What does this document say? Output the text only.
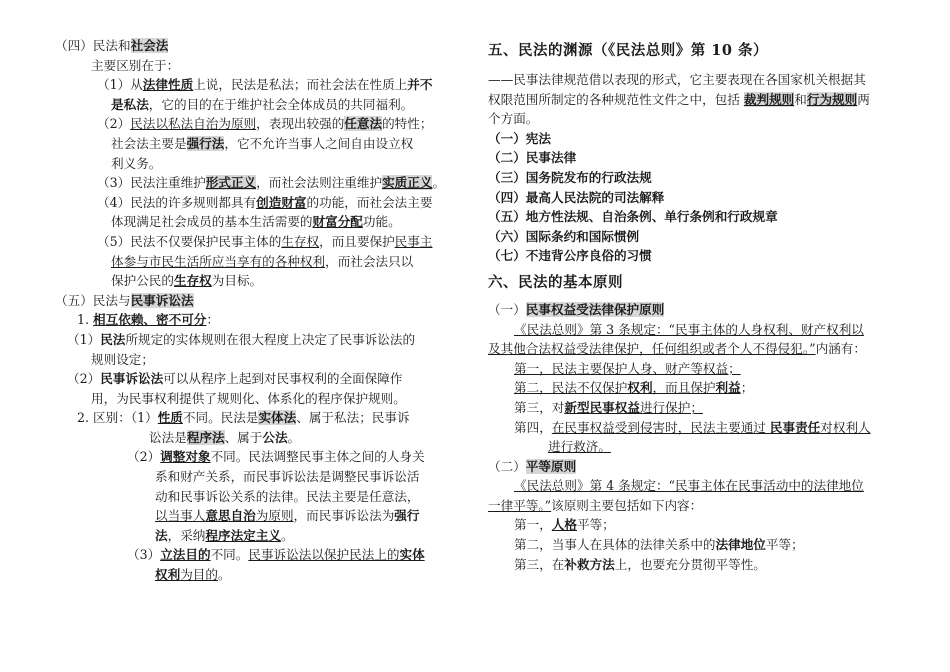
（四）民法和社会法
主要区别在于：
（1）从法律性质上说，民法是私法；而社会法在性质上并不
是私法，它的目的在于维护社会全体成员的共同福利。
（2）民法以私法自治为原则，表现出较强的任意法的特性；
社会法主要是强行法，它不允许当事人之间自由设立权
利义务。
（3）民法注重维护形式正义，而社会法则注重维护实质正义。
（4）民法的许多规则都具有创造财富的功能，而社会法主要
体现满足社会成员的基本生活需要的财富分配功能。
（5）民法不仅要保护民事主体的生存权，而且要保护民事主
体参与市民生活所应当享有的各种权利，而社会法只以
保护公民的生存权为目标。
（五）民法与民事诉讼法
1. 相互依赖、密不可分：
（1）民法所规定的实体规则在很大程度上决定了民事诉讼法的
规则设定；
（2）民事诉讼法可以从程序上起到对民事权利的全面保障作
用，为民事权利提供了规则化、体系化的程序保护规则。
2. 区别：（1）性质不同。民法是实体法、属于私法；民事诉
讼法是程序法、属于公法。
（2）调整对象不同。民法调整民事主体之间的人身关
系和财产关系，而民事诉讼法是调整民事诉讼活
动和民事诉讼关系的法律。民法主要是任意法，
以当事人意思自治为原则，而民事诉讼法为强行
法，采纳程序法定主义。
（3）立法目的不同。民事诉讼法以保护民法上的实体
权利为目的。
五、民法的渊源（《民法总则》第 10 条）
——民事法律规范借以表现的形式，它主要表现在各国家机关根据其
权限范围所制定的各种规范性文件之中，包括 裁判规则和行为规则两
个方面。
（一）宪法
（二）民事法律
（三）国务院发布的行政法规
（四）最高人民法院的司法解释
（五）地方性法规、自治条例、单行条例和行政规章
（六）国际条约和国际惯例
（七）不违背公序良俗的习惯
六、民法的基本原则
（一）民事权益受法律保护原则
《民法总则》第 3 条规定：“民事主体的人身权利、财产权利以
及其他合法权益受法律保护，任何组织或者个人不得侵犯。”内涵有：
第一，民法主要保护人身、财产等权益；
第二，民法不仅保护权利，而且保护利益；
第三，对新型民事权益进行保护；
第四，在民事权益受到侵害时，民法主要通过 民事责任对权利人
进行救济。
（二）平等原则
《民法总则》第 4 条规定：“民事主体在民事活动中的法律地位
一律平等。”该原则主要包括如下内容：
第一，人格平等；
第二，当事人在具体的法律关系中的法律地位平等；
第三，在补救方法上，也要充分贯彻平等性。
